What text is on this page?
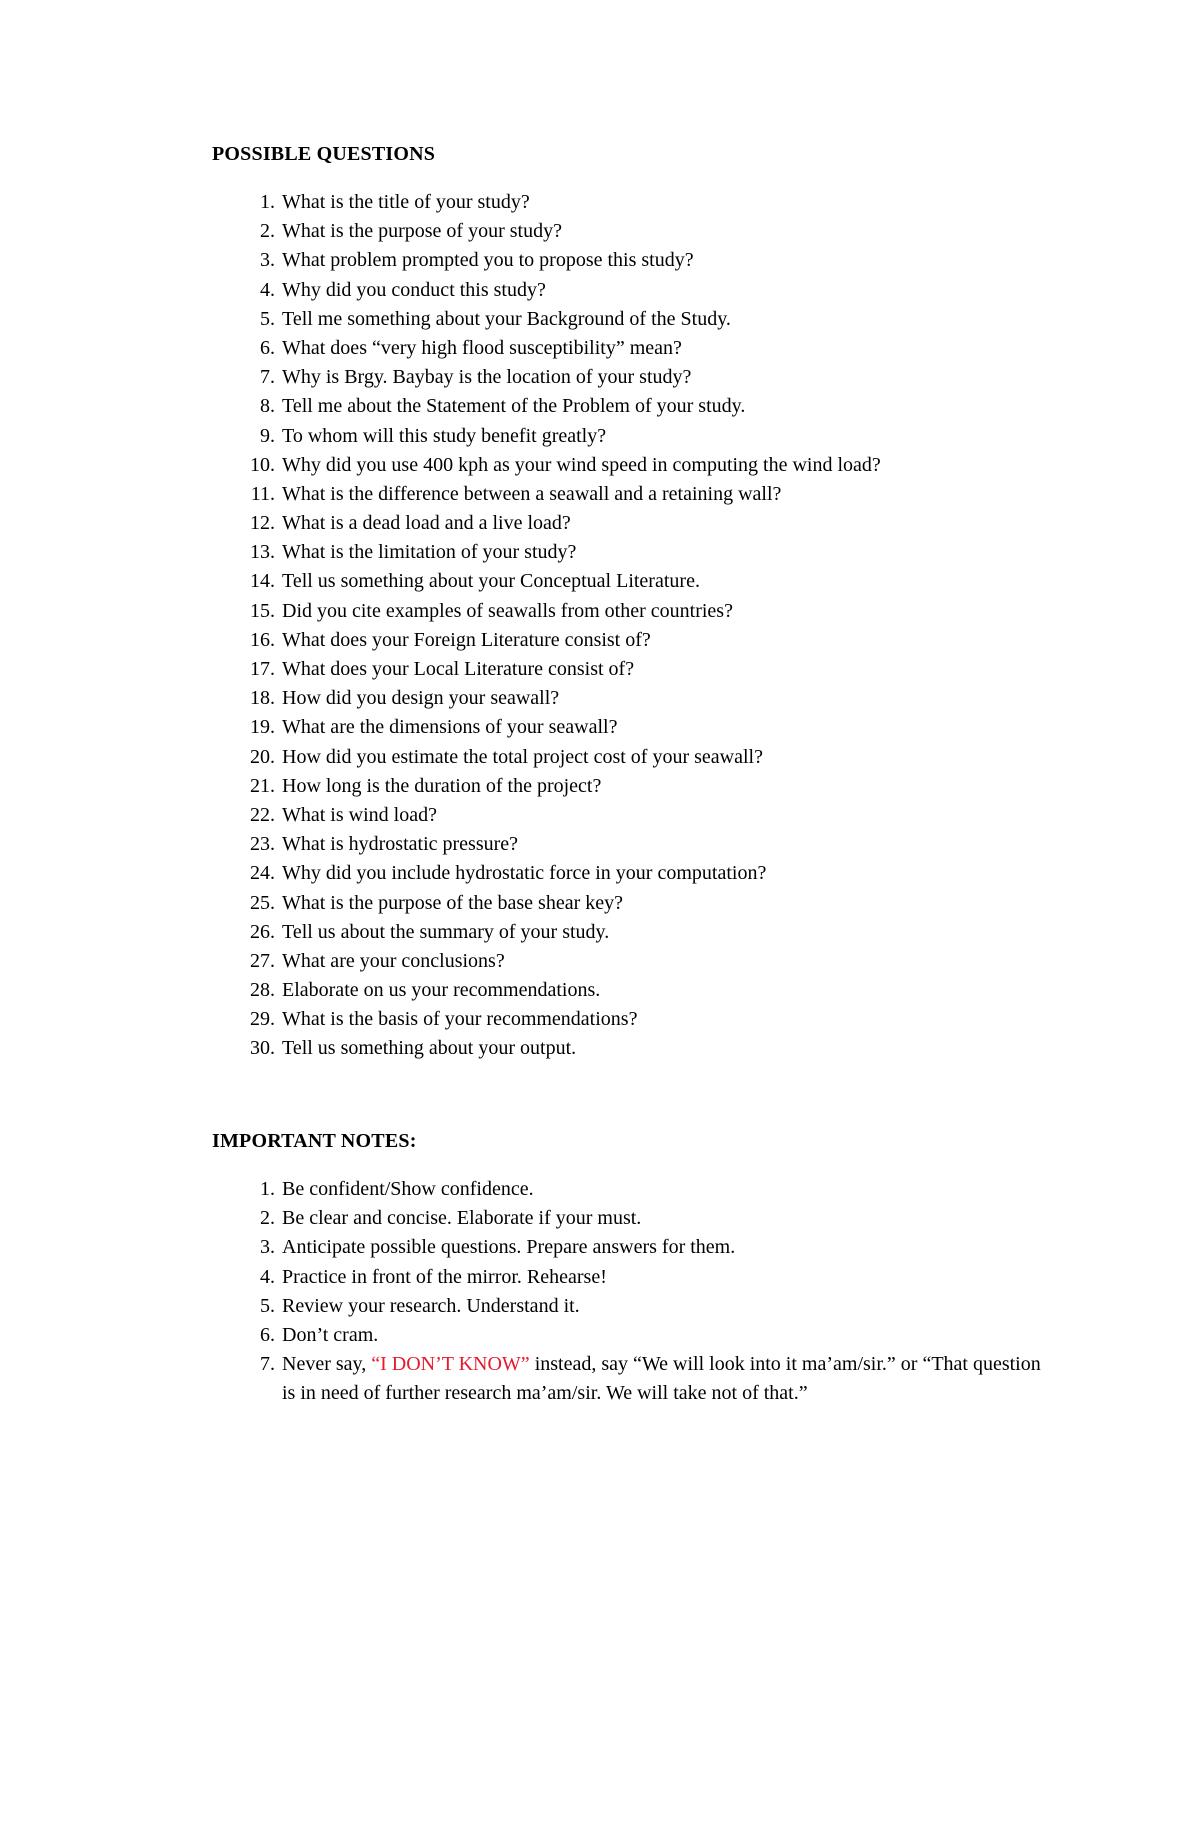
POSSIBLE QUESTIONS
1. What is the title of your study?
2. What is the purpose of your study?
3. What problem prompted you to propose this study?
4. Why did you conduct this study?
5. Tell me something about your Background of the Study.
6. What does “very high flood susceptibility” mean?
7. Why is Brgy. Baybay is the location of your study?
8. Tell me about the Statement of the Problem of your study.
9. To whom will this study benefit greatly?
10. Why did you use 400 kph as your wind speed in computing the wind load?
11. What is the difference between a seawall and a retaining wall?
12. What is a dead load and a live load?
13. What is the limitation of your study?
14. Tell us something about your Conceptual Literature.
15. Did you cite examples of seawalls from other countries?
16. What does your Foreign Literature consist of?
17. What does your Local Literature consist of?
18. How did you design your seawall?
19. What are the dimensions of your seawall?
20. How did you estimate the total project cost of your seawall?
21. How long is the duration of the project?
22. What is wind load?
23. What is hydrostatic pressure?
24. Why did you include hydrostatic force in your computation?
25. What is the purpose of the base shear key?
26. Tell us about the summary of your study.
27. What are your conclusions?
28. Elaborate on us your recommendations.
29. What is the basis of your recommendations?
30. Tell us something about your output.
IMPORTANT NOTES:
1. Be confident/Show confidence.
2. Be clear and concise. Elaborate if your must.
3. Anticipate possible questions. Prepare answers for them.
4. Practice in front of the mirror. Rehearse!
5. Review your research. Understand it.
6. Don’t cram.
7. Never say, “I DON’T KNOW” instead, say “We will look into it ma’am/sir.” or “That question is in need of further research ma’am/sir. We will take not of that.”
